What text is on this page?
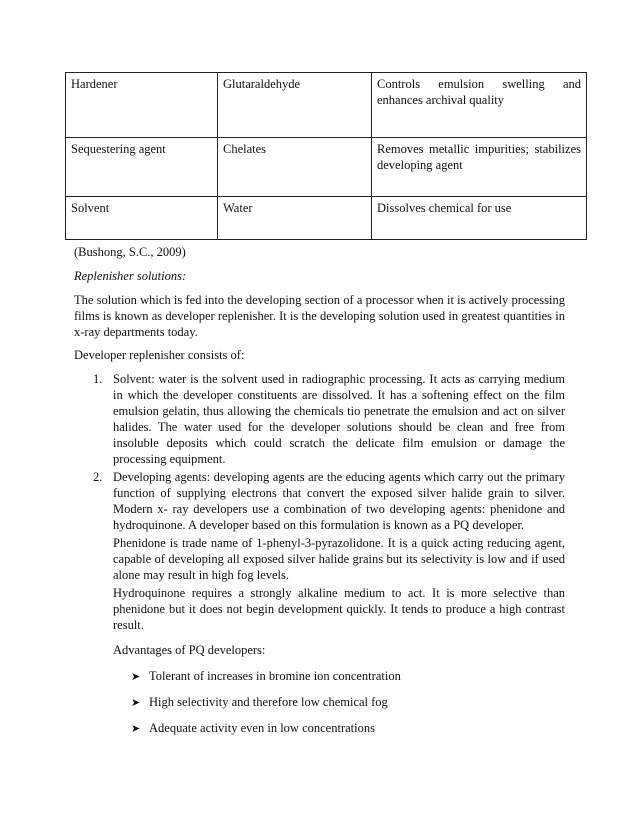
Hardener	Glutaraldehyde	Controls emulsion swelling and enhances archival quality
Sequestering agent	Chelates	Removes metallic impurities; stabilizes developing agent
Solvent	Water	Dissolves chemical for use

(Bushong, S.C., 2009)

Replenisher solutions:

The solution which is fed into the developing section of a processor when it is actively processing films is known as developer replenisher. It is the developing solution used in greatest quantities in x-ray departments today.

Developer replenisher consists of:

1. Solvent: water is the solvent used in radiographic processing. It acts as carrying medium in which the developer constituents are dissolved. It has a softening effect on the film emulsion gelatin, thus allowing the chemicals tio penetrate the emulsion and act on silver halides. The water used for the developer solutions should be clean and free from insoluble deposits which could scratch the delicate film emulsion or damage the processing equipment.

2. Developing agents: developing agents are the educing agents which carry out the primary function of supplying electrons that convert the exposed silver halide grain to silver. Modern x- ray developers use a combination of two developing agents: phenidone and hydroquinone. A developer based on this formulation is known as a PQ developer.

Phenidone is trade name of 1-phenyl-3-pyrazolidone. It is a quick acting reducing agent, capable of developing all exposed silver halide grains but its selectivity is low and if used alone may result in high fog levels.

Hydroquinone requires a strongly alkaline medium to act. It is more selective than phenidone but it does not begin development quickly. It tends to produce a high contrast result.

Advantages of PQ developers:

➤ Tolerant of increases in bromine ion concentration
➤ High selectivity and therefore low chemical fog
➤ Adequate activity even in low concentrations
